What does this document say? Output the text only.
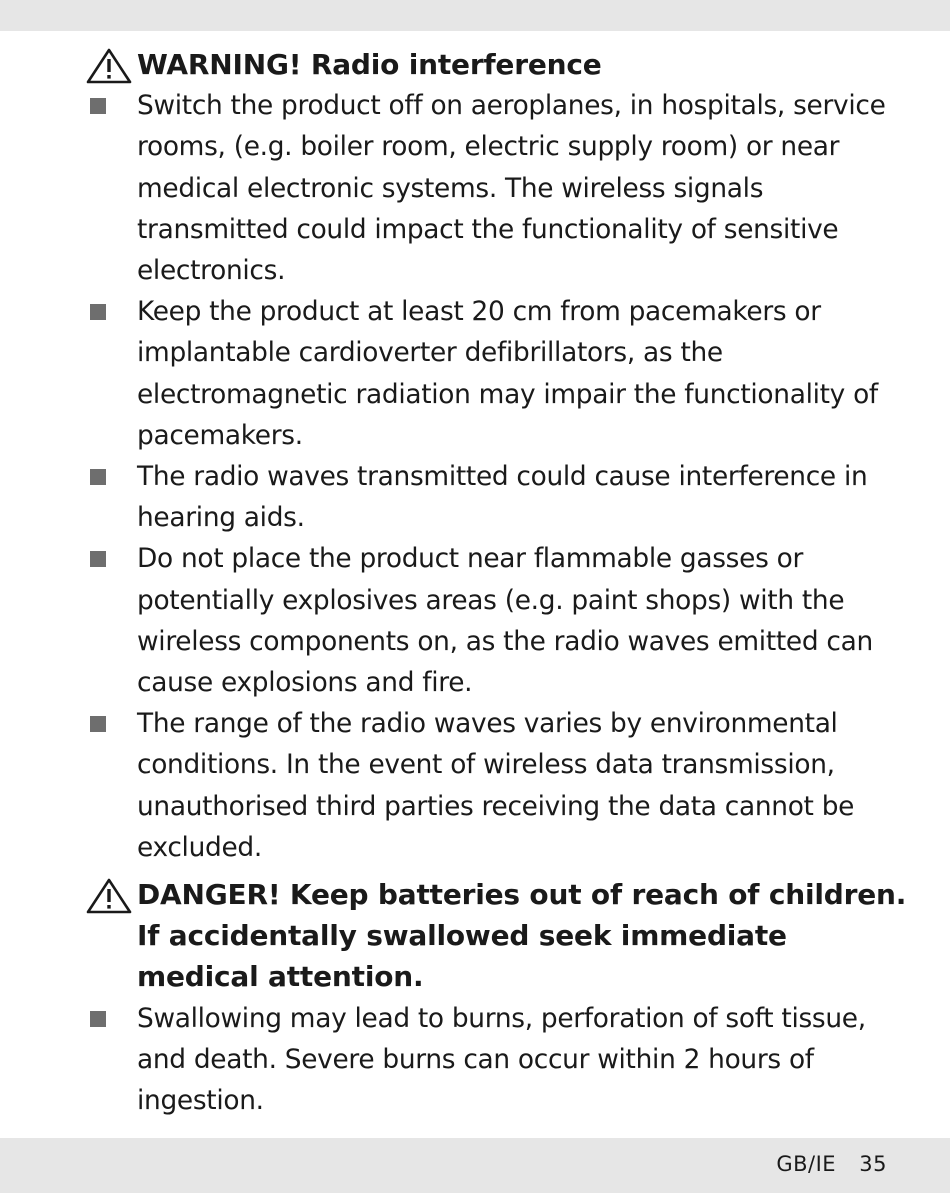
WARNING! Radio interference
Switch the product off on aeroplanes, in hospitals, service rooms, (e.g. boiler room, electric supply room) or near medical electronic systems. The wireless signals transmitted could impact the functionality of sensitive electronics.
Keep the product at least 20 cm from pacemakers or implantable cardioverter defibrillators, as the electromagnetic radiation may impair the functionality of pacemakers.
The radio waves transmitted could cause interference in hearing aids.
Do not place the product near flammable gasses or potentially explosives areas (e.g. paint shops) with the wireless components on, as the radio waves emitted can cause explosions and fire.
The range of the radio waves varies by environmental conditions. In the event of wireless data transmission, unauthorised third parties receiving the data cannot be excluded.
DANGER! Keep batteries out of reach of children. If accidentally swallowed seek immediate medical attention.
Swallowing may lead to burns, perforation of soft tissue, and death. Severe burns can occur within 2 hours of ingestion.
GB/IE 35
